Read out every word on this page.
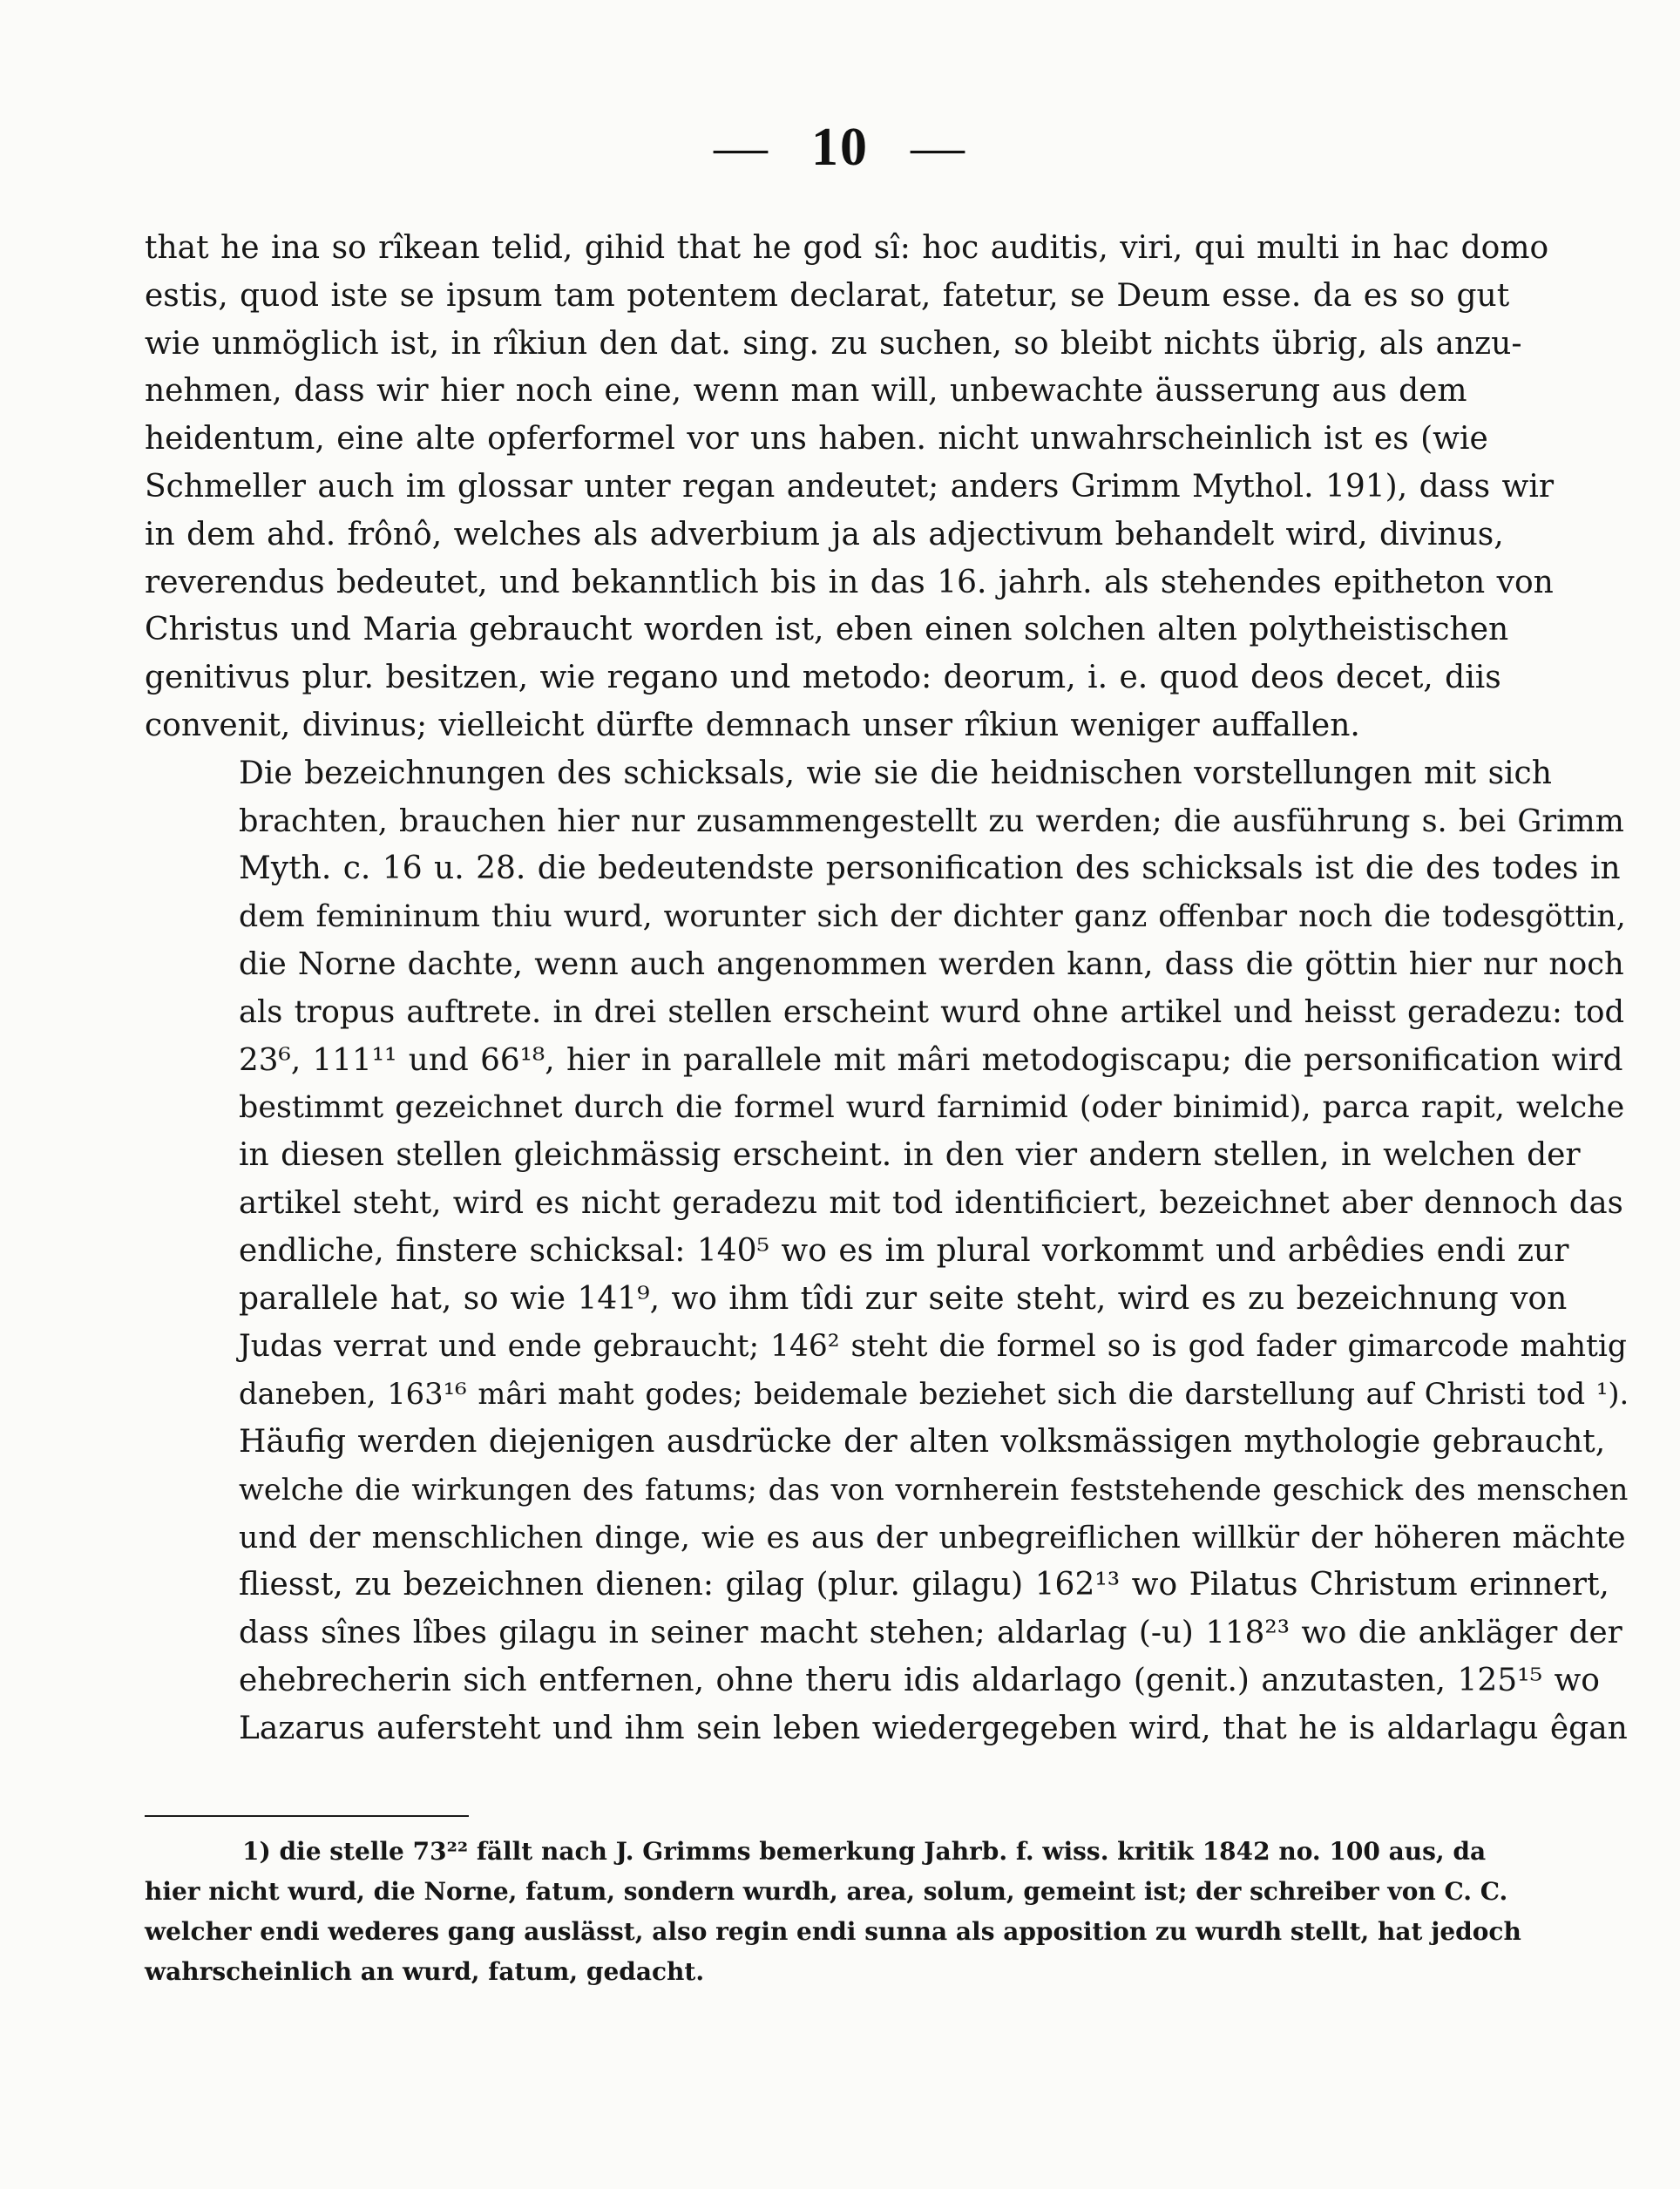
— 10 —

that he ina so rîkean telid, gihid that he god sî: hoc auditis, viri, qui multi in hac domo
estis, quod iste se ipsum tam potentem declarat, fatetur, se Deum esse. da es so gut
wie unmöglich ist, in rîkiun den dat. sing. zu suchen, so bleibt nichts übrig, als anzu-
nehmen, dass wir hier noch eine, wenn man will, unbewachte äusserung aus dem
heidentum, eine alte opferformel vor uns haben. nicht unwahrscheinlich ist es (wie
Schmeller auch im glossar unter regan andeutet; anders Grimm Mythol. 191), dass wir
in dem ahd. frônô, welches als adverbium ja als adjectivum behandelt wird, divinus,
reverendus bedeutet, und bekanntlich bis in das 16. jahrh. als stehendes epitheton von
Christus und Maria gebraucht worden ist, eben einen solchen alten polytheistischen
genitivus plur. besitzen, wie regano und metodo: deorum, i. e. quod deos decet, diis
convenit, divinus; vielleicht dürfte demnach unser rîkiun weniger auffallen.

Die bezeichnungen des schicksals, wie sie die heidnischen vorstellungen mit sich
brachten, brauchen hier nur zusammengestellt zu werden; die ausführung s. bei Grimm
Myth. c. 16 u. 28. die bedeutendste personification des schicksals ist die des todes in
dem femininum thiu wurd, worunter sich der dichter ganz offenbar noch die todesgöttin,
die Norne dachte, wenn auch angenommen werden kann, dass die göttin hier nur noch
als tropus auftrete. in drei stellen erscheint wurd ohne artikel und heisst geradezu: tod
23⁶, 111¹¹ und 66¹⁸, hier in parallele mit mâri metodogiscapu; die personification wird
bestimmt gezeichnet durch die formel wurd farnimid (oder binimid), parca rapit, welche
in diesen stellen gleichmässig erscheint. in den vier andern stellen, in welchen der
artikel steht, wird es nicht geradezu mit tod identificiert, bezeichnet aber dennoch das
endliche, finstere schicksal: 140⁵ wo es im plural vorkommt und arbêdies endi zur
parallele hat, so wie 141⁹, wo ihm tîdi zur seite steht, wird es zu bezeichnung von
Judas verrat und ende gebraucht; 146² steht die formel so is god fader gimarcode mahtig
daneben, 163¹⁶ mâri maht godes; beidemale beziehet sich die darstellung auf Christi tod ¹).

Häufig werden diejenigen ausdrücke der alten volksmässigen mythologie gebraucht,
welche die wirkungen des fatums; das von vornherein feststehende geschick des menschen
und der menschlichen dinge, wie es aus der unbegreiflichen willkür der höheren mächte
fliesst, zu bezeichnen dienen: gilag (plur. gilagu) 162¹³ wo Pilatus Christum erinnert,
dass sînes lîbes gilagu in seiner macht stehen; aldarlag (-u) 118²³ wo die ankläger der
ehebrecherin sich entfernen, ohne theru idis aldarlago (genit.) anzutasten, 125¹⁵ wo
Lazarus aufersteht und ihm sein leben wiedergegeben wird, that he is aldarlagu êgan

1) die stelle 73²² fällt nach J. Grimms bemerkung Jahrb. f. wiss. kritik 1842 no. 100 aus, da
hier nicht wurd, die Norne, fatum, sondern wurdh, area, solum, gemeint ist; der schreiber von C. C.
welcher endi wederes gang auslässt, also regin endi sunna als apposition zu wurdh stellt, hat jedoch
wahrscheinlich an wurd, fatum, gedacht.
